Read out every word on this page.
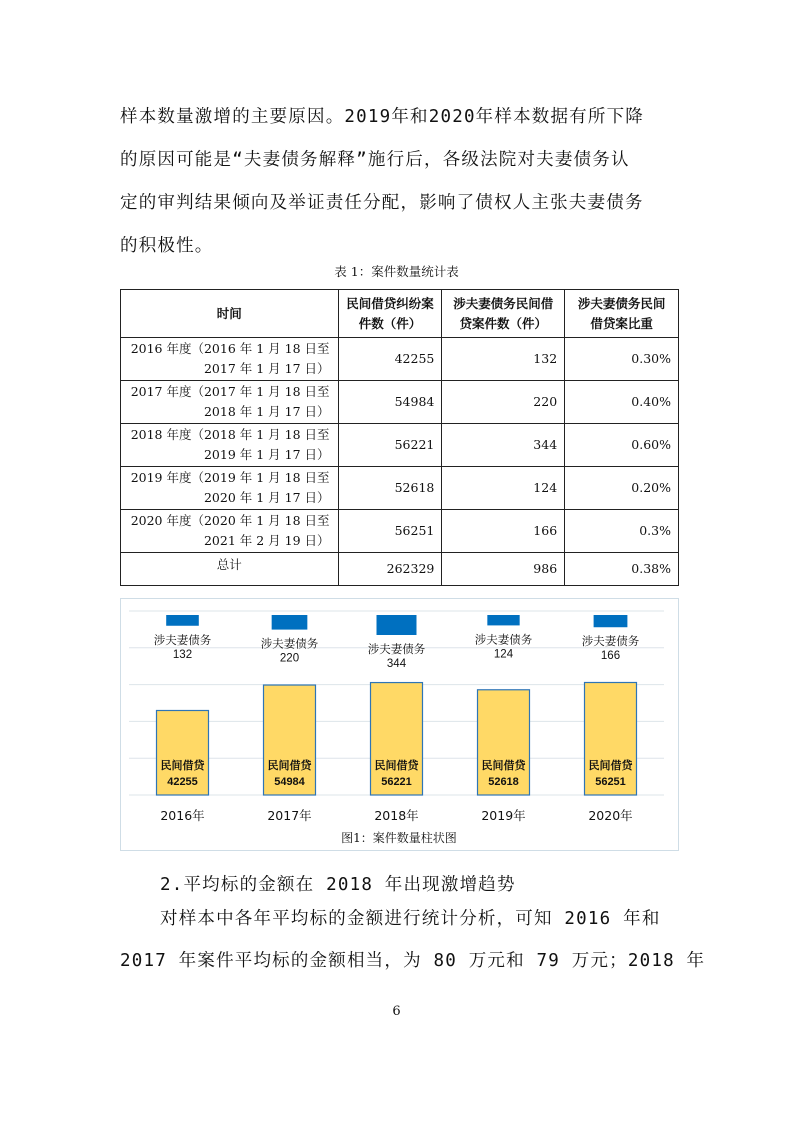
样本数量激增的主要原因。2019年和2020年样本数据有所下降
的原因可能是“夫妻债务解释”施行后，各级法院对夫妻债务认
定的审判结果倾向及举证责任分配，影响了债权人主张夫妻债务
的积极性。
表 1：案件数量统计表
时间	民间借贷纠纷案件数（件）	涉夫妻债务民间借贷案件数（件）	涉夫妻债务民间借贷案比重
2016 年度（2016 年 1 月 18 日至 2017 年 1 月 17 日）	42255	132	0.30%
2017 年度（2017 年 1 月 18 日至 2018 年 1 月 17 日）	54984	220	0.40%
2018 年度（2018 年 1 月 18 日至 2019 年 1 月 17 日）	56221	344	0.60%
2019 年度（2019 年 1 月 18 日至 2020 年 1 月 17 日）	52618	124	0.20%
2020 年度（2020 年 1 月 18 日至 2021 年 2 月 19 日）	56251	166	0.3%
总计	262329	986	0.38%
民间借贷
42255
涉夫妻债务
132
2016年
民间借贷
54984
涉夫妻债务
220
2017年
民间借贷
56221
涉夫妻债务
344
2018年
民间借贷
52618
涉夫妻债务
124
2019年
民间借贷
56251
涉夫妻债务
166
2020年
图1：案件数量柱状图
2.平均标的金额在 2018 年出现激增趋势
对样本中各年平均标的金额进行统计分析，可知 2016 年和
2017 年案件平均标的金额相当，为 80 万元和 79 万元；2018 年
6
